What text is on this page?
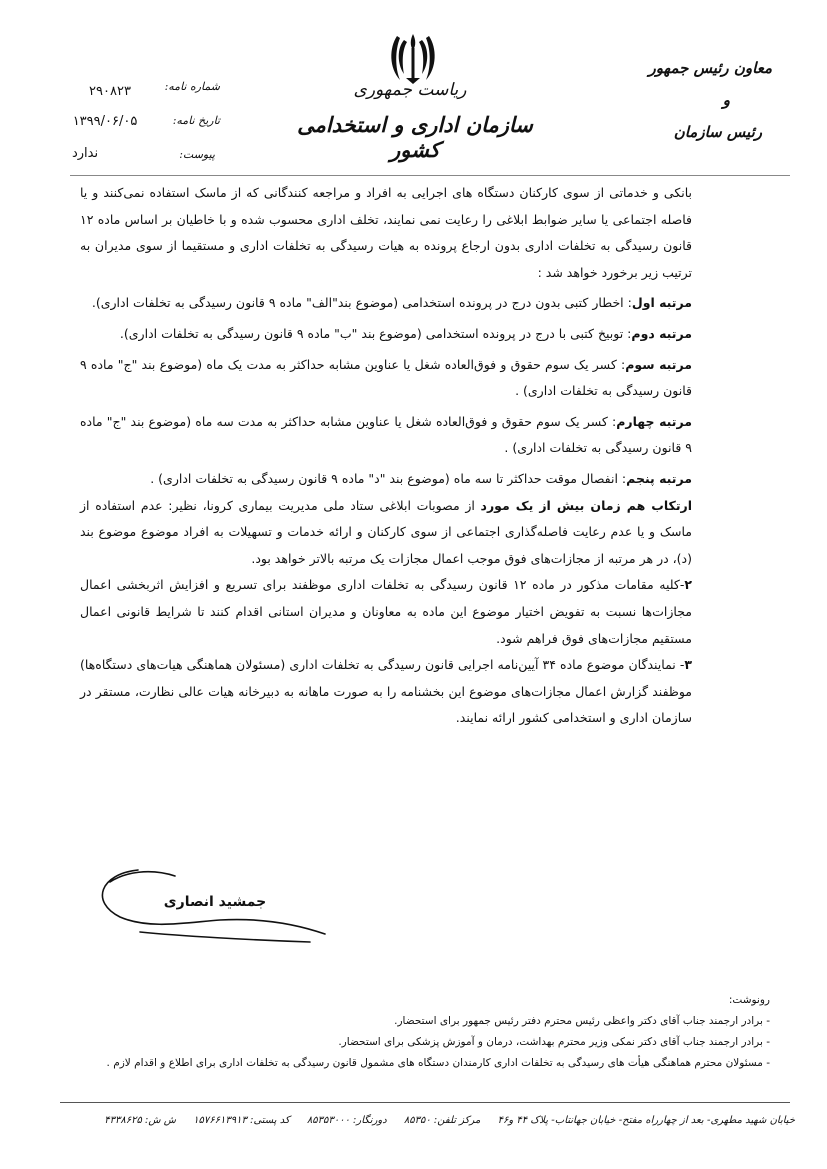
معاون رئیس جمهور
و
رئیس سازمان
ریاست جمهوری
سازمان اداری و استخدامی کشور
شماره نامه:
۲۹۰۸۲۳
تاریخ نامه:
۱۳۹۹/۰۶/۰۵
پیوست:
ندارد

بانکی و خدماتی از سوی کارکنان دستگاه های اجرایی به افراد و مراجعه کنندگانی که از ماسک استفاده نمی‌کنند و یا فاصله اجتماعی یا سایر ضوابط ابلاغی را رعایت نمی نمایند، تخلف اداری محسوب شده و با خاطیان بر اساس ماده ۱۲ قانون رسیدگی به تخلفات اداری بدون ارجاع پرونده به هیات رسیدگی به تخلفات اداری و مستقیما از سوی مدیران به ترتیب زیر برخورد خواهد شد :

مرتبه اول: اخطار کتبی بدون درج در پرونده استخدامی (موضوع بند"الف" ماده ۹ قانون رسیدگی به تخلفات اداری).

مرتبه دوم: توبیخ کتبی با درج در پرونده استخدامی (موضوع بند "ب" ماده ۹ قانون رسیدگی به تخلفات اداری).

مرتبه سوم: کسر یک سوم حقوق و فوق‌العاده شغل یا عناوین مشابه حداکثر به مدت یک ماه (موضوع بند "ج" ماده ۹ قانون رسیدگی به تخلفات اداری) .

مرتبه چهارم: کسر یک سوم حقوق و فوق‌العاده شغل یا عناوین مشابه حداکثر به مدت سه ماه (موضوع بند "ج" ماده ۹ قانون رسیدگی به تخلفات اداری) .

مرتبه پنجم: انفصال موقت حداکثر تا سه ماه (موضوع بند "د" ماده ۹ قانون رسیدگی به تخلفات اداری) .

ارتکاب هم زمان بیش از یک مورد از مصوبات ابلاغی ستاد ملی مدیریت بیماری کرونا، نظیر: عدم استفاده از ماسک و یا عدم رعایت فاصله‌گذاری اجتماعی از سوی کارکنان و ارائه خدمات و تسهیلات به افراد موضوع موضوع بند (د)، در هر مرتبه از مجازات‌های فوق موجب اعمال مجازات یک مرتبه بالاتر خواهد بود.

۲-کلیه مقامات مذکور در ماده ۱۲ قانون رسیدگی به تخلفات اداری موظفند برای تسریع و افزایش اثربخشی اعمال مجازات‌ها نسبت به تفویض اختیار موضوع این ماده به معاونان و مدیران استانی اقدام کنند تا شرایط قانونی اعمال مستقیم مجازات‌های فوق فراهم شود.

۳- نمایندگان موضوع ماده ۳۴ آیین‌نامه اجرایی قانون رسیدگی به تخلفات اداری (مسئولان هماهنگی هیات‌های دستگاه‌ها) موظفند گزارش اعمال مجازات‌های موضوع این بخشنامه را به صورت ماهانه به دبیرخانه هیات عالی نظارت، مستقر در سازمان اداری و استخدامی کشور ارائه نمایند.

جمشید انصاری

رونوشت:

- برادر ارجمند جناب آقای دکتر واعظی رئیس محترم دفتر رئیس جمهور برای استحضار.

- برادر ارجمند جناب آقای دکتر نمکی وزیر محترم بهداشت، درمان و آموزش پزشکی برای استحضار.

- مسئولان محترم هماهنگی هیأت های رسیدگی به تخلفات اداری کارمندان دستگاه های مشمول قانون رسیدگی به تخلفات اداری برای اطلاع و اقدام لازم .

خیابان شهید مطهری- بعد از چهارراه مفتح- خیابان جهانتاب- پلاک ۴۴ و۴۶ مرکز تلفن: ۸۵۳۵۰ دورنگار: ۸۵۳۵۳۰۰۰ کد پستی: ۱۵۷۶۶۱۳۹۱۳ ش ش: ۴۳۳۸۶۲۵
